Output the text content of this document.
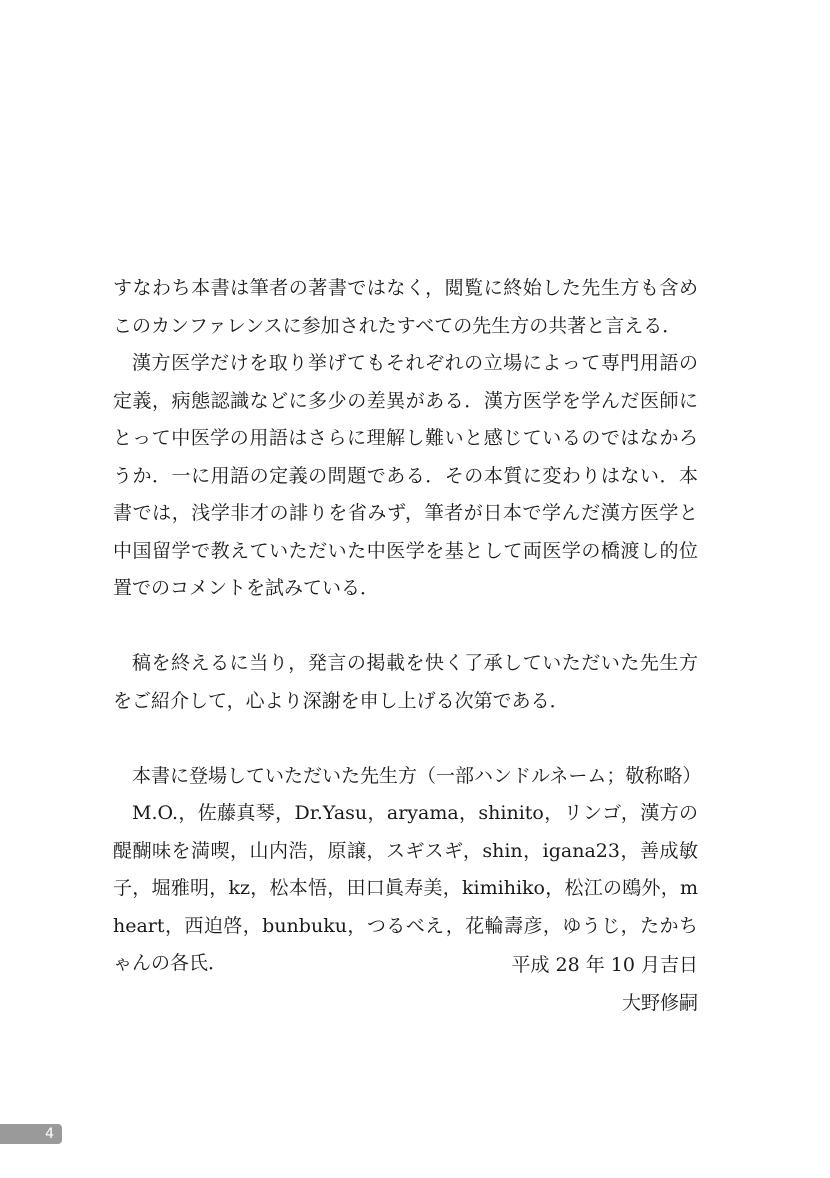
すなわち本書は筆者の著書ではなく，閲覧に終始した先生方も含めこのカンファレンスに参加されたすべての先生方の共著と言える．

漢方医学だけを取り挙げてもそれぞれの立場によって専門用語の定義，病態認識などに多少の差異がある．漢方医学を学んだ医師にとって中医学の用語はさらに理解し難いと感じているのではなかろうか．一に用語の定義の問題である．その本質に変わりはない．本書では，浅学非才の誹りを省みず，筆者が日本で学んだ漢方医学と中国留学で教えていただいた中医学を基として両医学の橋渡し的位置でのコメントを試みている．

稿を終えるに当り，発言の掲載を快く了承していただいた先生方をご紹介して，心より深謝を申し上げる次第である．

本書に登場していただいた先生方（一部ハンドルネーム；敬称略）

M.O.，佐藤真琴，Dr.Yasu，aryama，shinito，リンゴ，漢方の醍醐味を満喫，山内浩，原譲，スギスギ，shin，igana23，善成敏子，堀雅明，kz，松本悟，田口眞寿美，kimihiko，松江の鴎外，mheart，西迫啓，bunbuku，つるべえ，花輪壽彦，ゆうじ，たかちゃんの各氏．	平成 28 年 10 月吉日
大野修嗣
4
